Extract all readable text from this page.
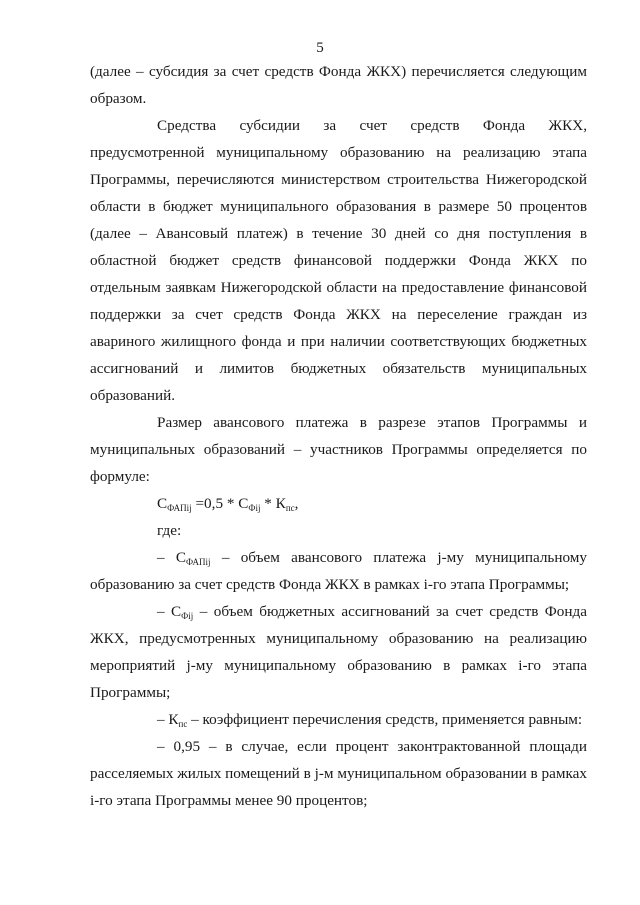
5

(далее – субсидия за счет средств Фонда ЖКХ) перечисляется следующим образом.

Средства субсидии за счет средств Фонда ЖКХ, предусмотренной муниципальному образованию на реализацию этапа Программы, перечисляются министерством строительства Нижегородской области в бюджет муниципального образования в размере 50 процентов (далее – Авансовый платеж) в течение 30 дней со дня поступления в областной бюджет средств финансовой поддержки Фонда ЖКХ по отдельным заявкам Нижегородской области на предоставление финансовой поддержки за счет средств Фонда ЖКХ на переселение граждан из авариного жилищного фонда и при наличии соответствующих бюджетных ассигнований и лимитов бюджетных обязательств муниципальных образований.

Размер авансового платежа в разрезе этапов Программы и муниципальных образований – участников Программы определяется по формуле:

$С_{ФАПij} =0,5 * С_{Фij} * К_{пс}$,

где:

– $С_{ФАПij}$ – объем авансового платежа j-му муниципальному образованию за счет средств Фонда ЖКХ в рамках i-го этапа Программы;

– $С_{Фij}$ – объем бюджетных ассигнований за счет средств Фонда ЖКХ, предусмотренных муниципальному образованию на реализацию мероприятий j-му муниципальному образованию в рамках i-го этапа Программы;

– $К_{пс}$ – коэффициент перечисления средств, применяется равным:

– 0,95 – в случае, если процент законтрактованной площади расселяемых жилых помещений в j-м муниципальном образовании в рамках i-го этапа Программы менее 90 процентов;
